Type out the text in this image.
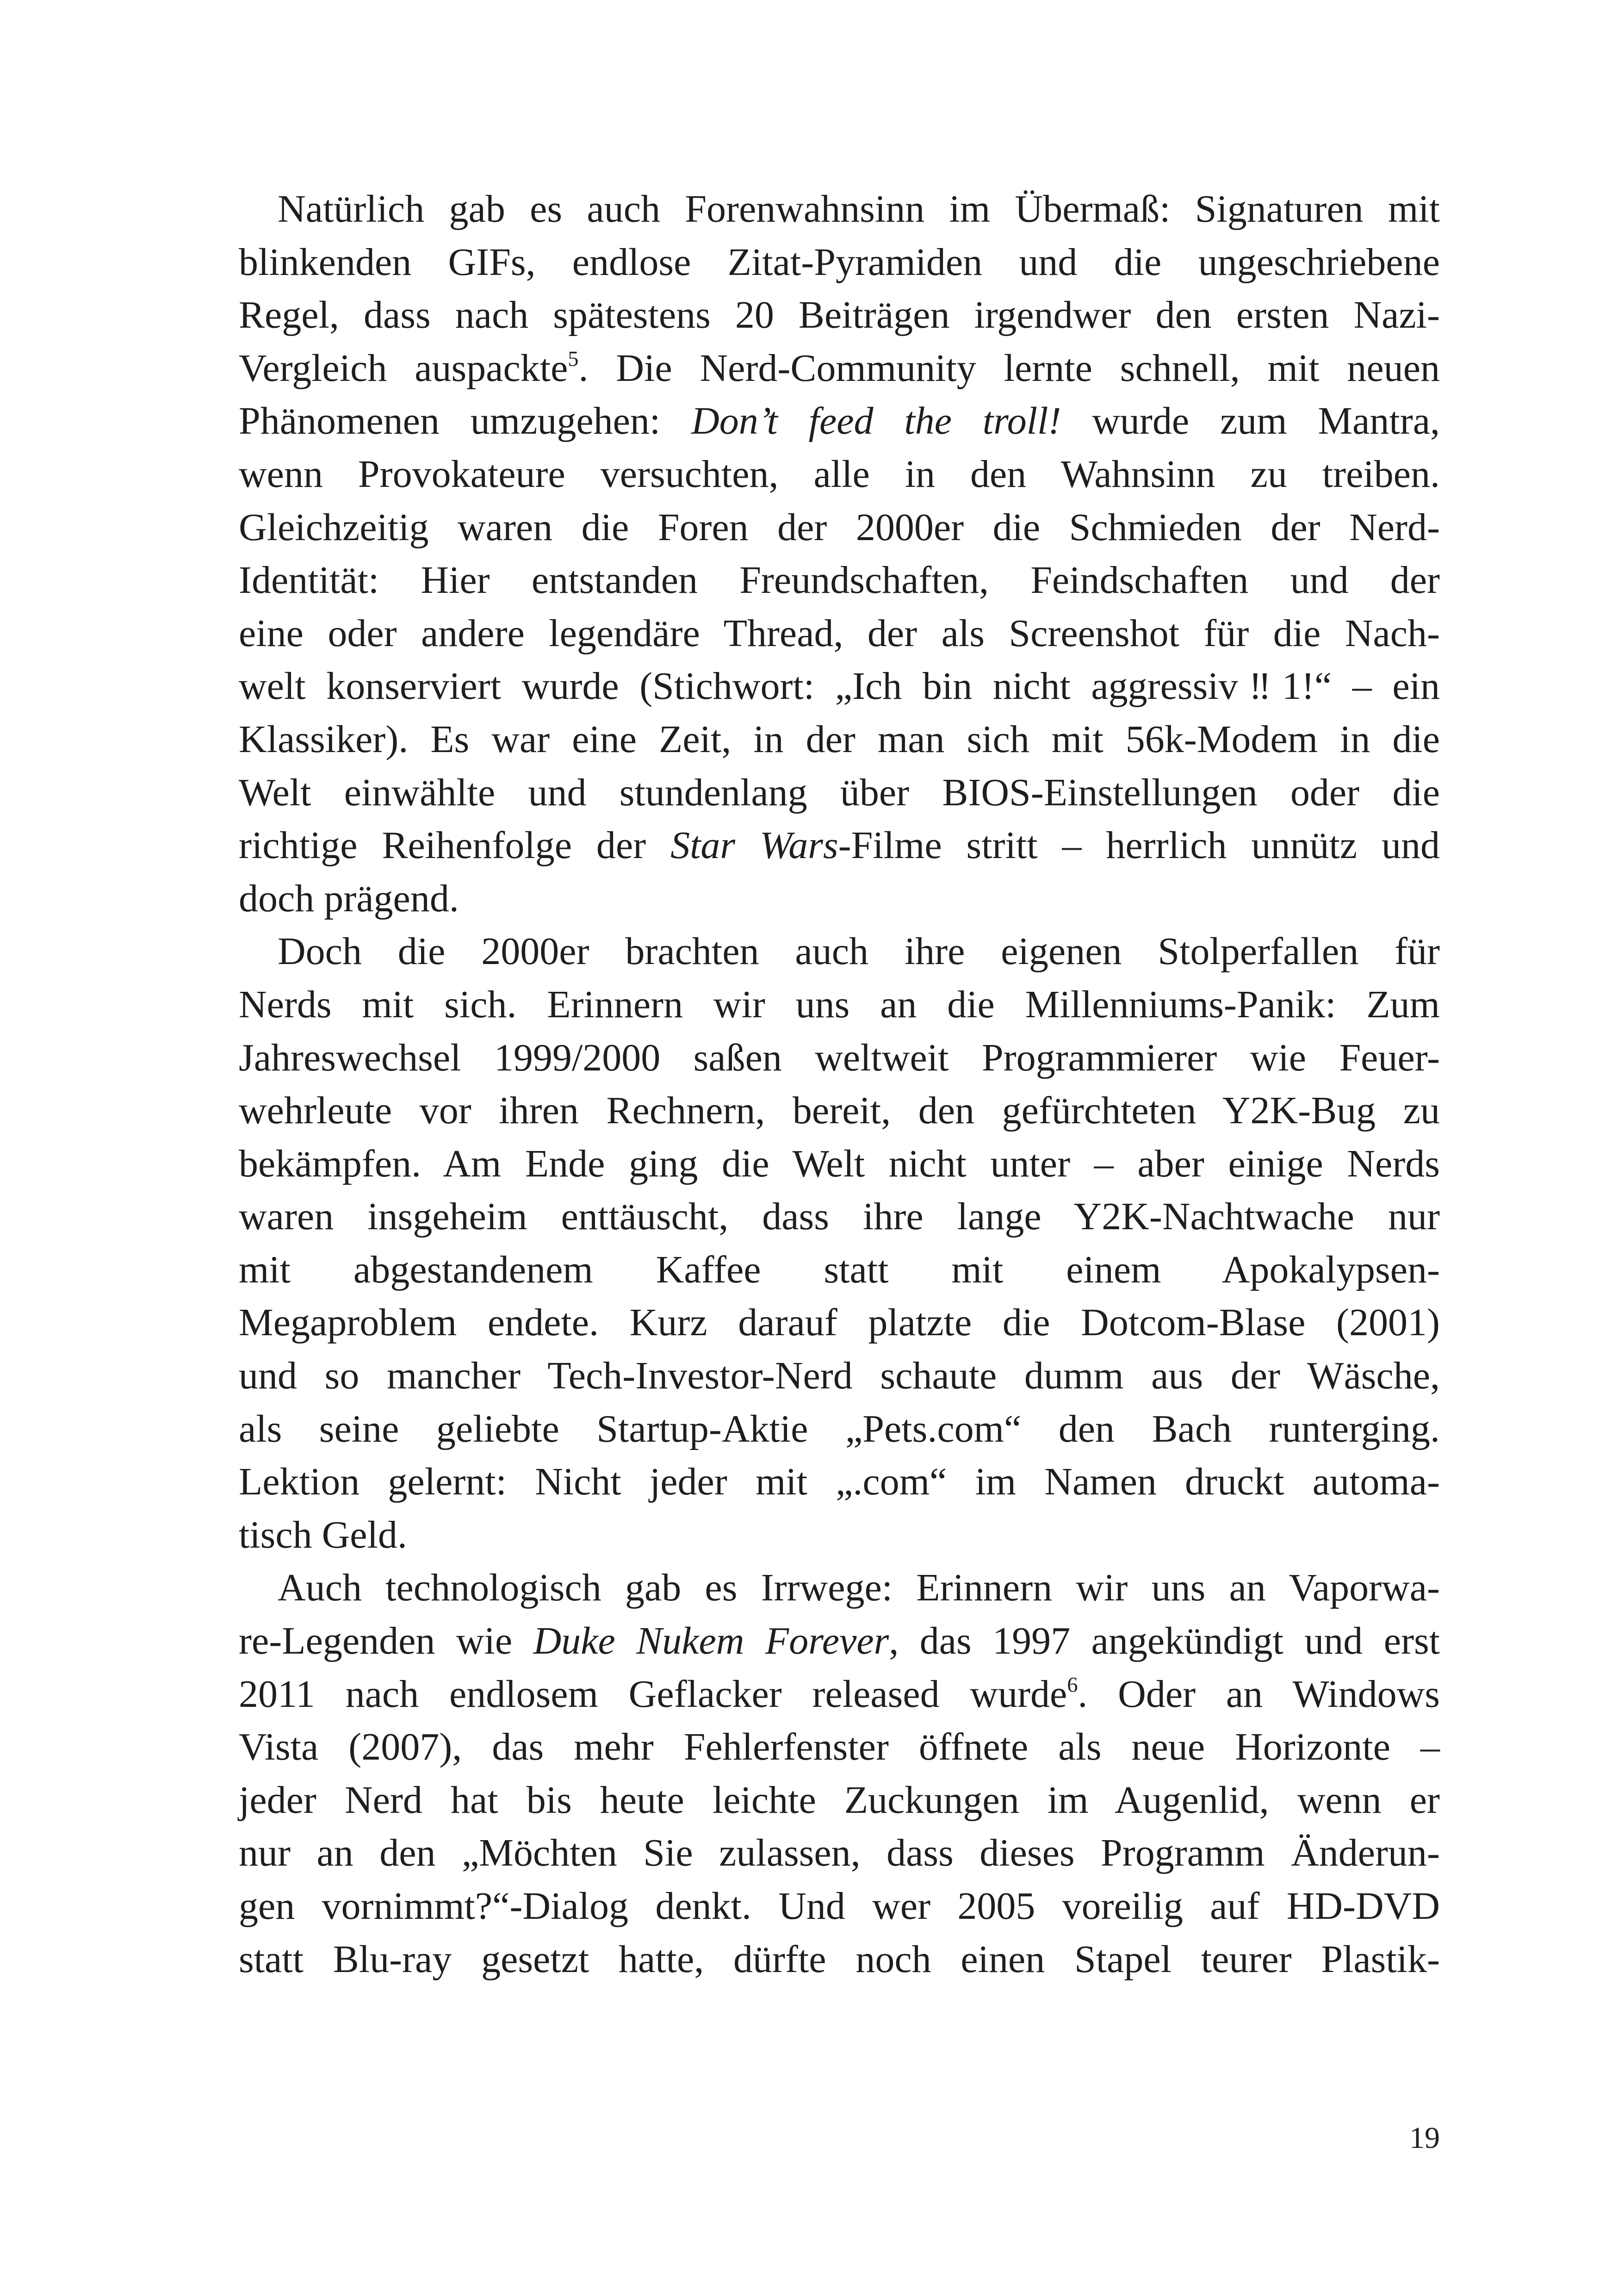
Natürlich gab es auch Forenwahnsinn im Übermaß: Signaturen mit
blinkenden GIFs, endlose Zitat-Pyramiden und die ungeschriebene
Regel, dass nach spätestens 20 Beiträgen irgendwer den ersten Nazi-
Vergleich auspackte$^5$. Die Nerd-Community lernte schnell, mit neuen
Phänomenen umzugehen: Don’t feed the troll! wurde zum Mantra,
wenn Provokateure versuchten, alle in den Wahnsinn zu treiben.
Gleichzeitig waren die Foren der 2000er die Schmieden der Nerd-
Identität: Hier entstanden Freundschaften, Feindschaften und der
eine oder andere legendäre Thread, der als Screenshot für die Nach-
welt konserviert wurde (Stichwort: „Ich bin nicht aggressiv‼1!“ – ein
Klassiker). Es war eine Zeit, in der man sich mit 56k-Modem in die
Welt einwählte und stundenlang über BIOS-Einstellungen oder die
richtige Reihenfolge der Star Wars-Filme stritt – herrlich unnütz und
doch prägend.

Doch die 2000er brachten auch ihre eigenen Stolperfallen für
Nerds mit sich. Erinnern wir uns an die Millenniums-Panik: Zum
Jahreswechsel 1999/2000 saßen weltweit Programmierer wie Feuer-
wehrleute vor ihren Rechnern, bereit, den gefürchteten Y2K-Bug zu
bekämpfen. Am Ende ging die Welt nicht unter – aber einige Nerds
waren insgeheim enttäuscht, dass ihre lange Y2K-Nachtwache nur
mit abgestandenem Kaffee statt mit einem Apokalypsen-
Megaproblem endete. Kurz darauf platzte die Dotcom-Blase (2001)
und so mancher Tech-Investor-Nerd schaute dumm aus der Wäsche,
als seine geliebte Startup-Aktie „Pets.com“ den Bach runterging.
Lektion gelernt: Nicht jeder mit „.com“ im Namen druckt automa-
tisch Geld.

Auch technologisch gab es Irrwege: Erinnern wir uns an Vaporwa-
re-Legenden wie Duke Nukem Forever, das 1997 angekündigt und erst
2011 nach endlosem Geflacker released wurde$^6$. Oder an Windows
Vista (2007), das mehr Fehlerfenster öffnete als neue Horizonte –
jeder Nerd hat bis heute leichte Zuckungen im Augenlid, wenn er
nur an den „Möchten Sie zulassen, dass dieses Programm Änderun-
gen vornimmt?“-Dialog denkt. Und wer 2005 voreilig auf HD-DVD
statt Blu-ray gesetzt hatte, dürfte noch einen Stapel teurer Plastik-

19
